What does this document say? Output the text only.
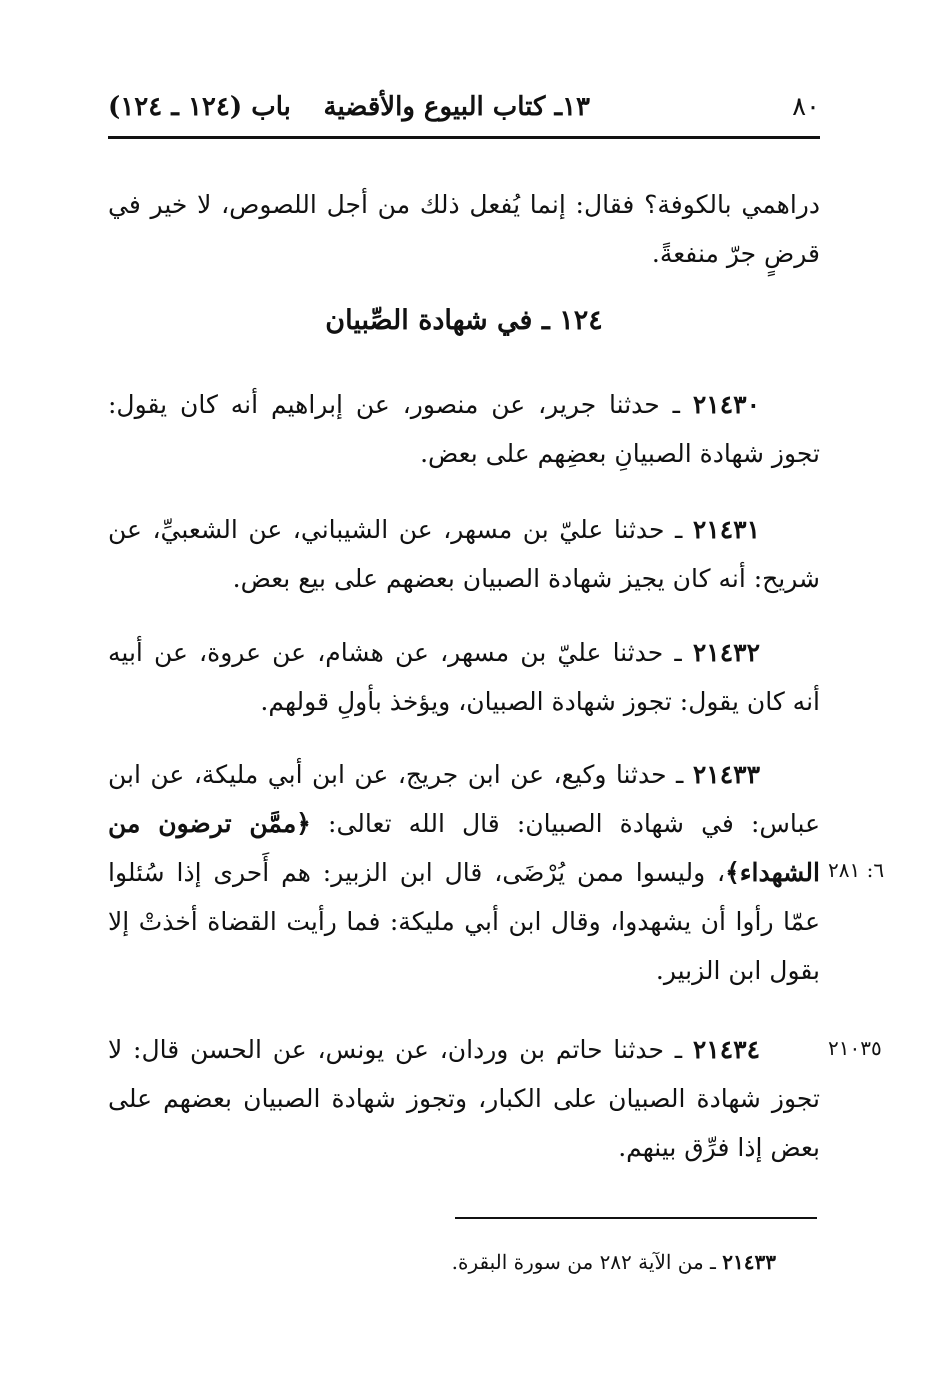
٨٠
١٣ـ كتاب البيوع والأقضية
باب (١٢٤ ـ ١٢٤)

دراهمي بالكوفة؟ فقال: إنما يُفعل ذلك من أجل اللصوص، لا خير في قرضٍ جرّ منفعةً.

١٢٤ ـ في شهادة الصِّبيان

٢١٤٣٠ ـ حدثنا جرير، عن منصور، عن إبراهيم أنه كان يقول: تجوز شهادة الصبيانِ بعضِهم على بعض.

٢١٤٣١ ـ حدثنا عليّ بن مسهر، عن الشيباني، عن الشعبيِّ، عن شريح: أنه كان يجيز شهادة الصبيان بعضهم على بيع بعض.

٢١٤٣٢ ـ حدثنا عليّ بن مسهر، عن هشام، عن عروة، عن أبيه أنه كان يقول: تجوز شهادة الصبيان، ويؤخذ بأولِ قولهم.

٢١٤٣٣ ـ حدثنا وكيع، عن ابن جريج، عن ابن أبي مليكة، عن ابن عباس: في شهادة الصبيان: قال الله تعالى: ﴿ممَّن ترضون من الشهداء﴾، وليسوا ممن يُرْضَى، قال ابن الزبير: هم أَحرى إذا سُئلوا عمّا رأوا أن يشهدوا، وقال ابن أبي مليكة: فما رأيت القضاة أخذتْ إلا بقول ابن الزبير.

٦: ٢٨١

٢١٤٣٤ ـ حدثنا حاتم بن وردان، عن يونس، عن الحسن قال: لا تجوز شهادة الصبيان على الكبار، وتجوز شهادة الصبيان بعضهم على بعض إذا فرِّق بينهم.

٢١٠٣٥
٢١٤٣٣ ـ من الآية ٢٨٢ من سورة البقرة.
